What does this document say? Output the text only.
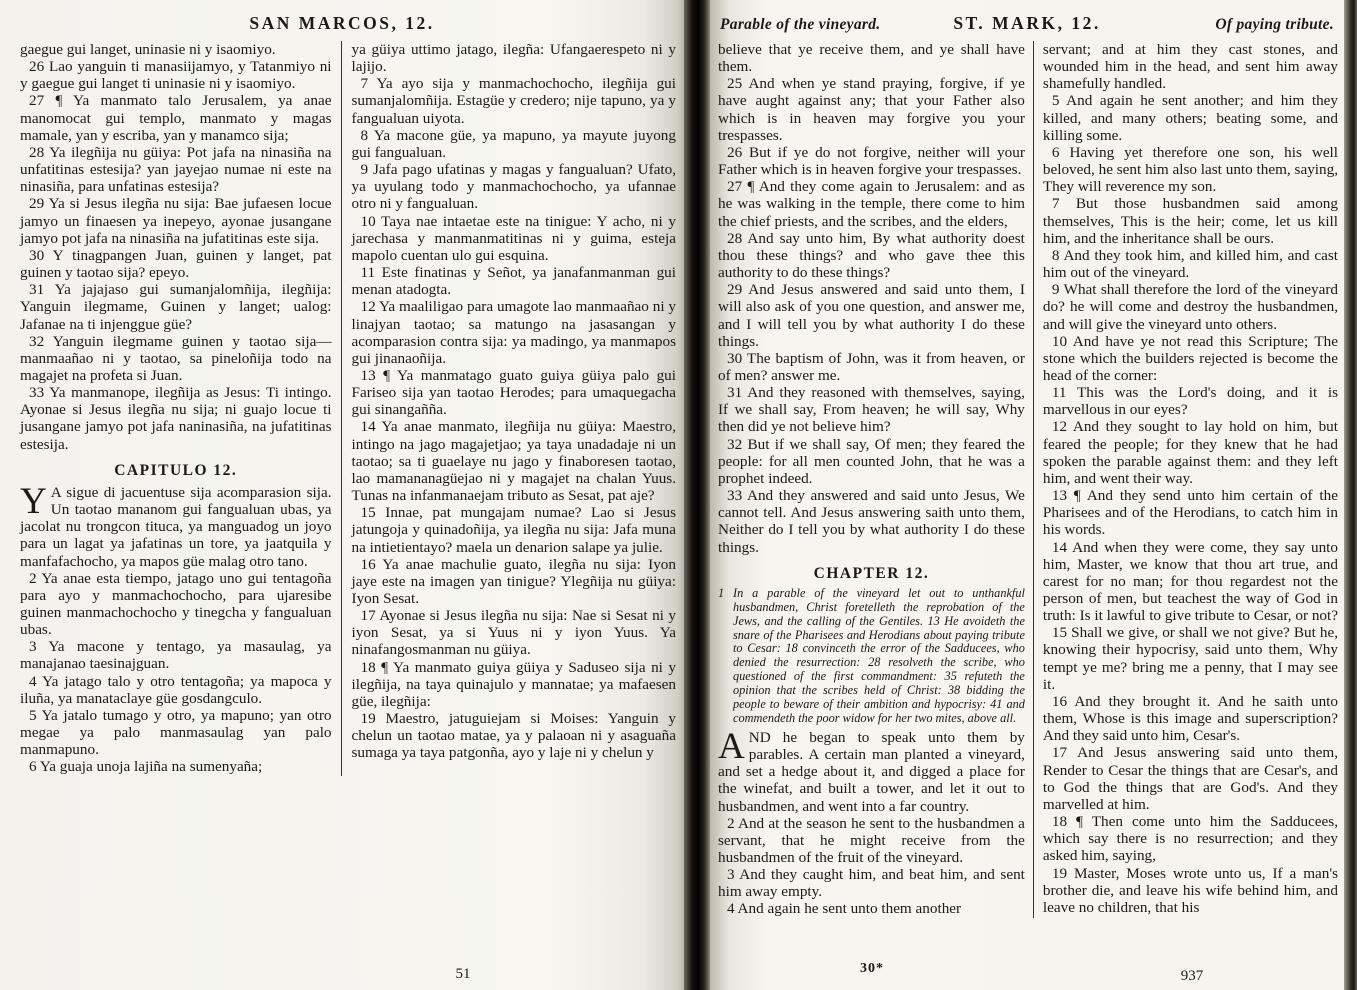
SAN MARCOS, 12.

gaegue gui langet, uninasie ni y isaomiyo.

26 Lao yanguin ti manasiijamyo, y Tatanmiyo ni y gaegue gui langet ti uninasie ni y isaomiyo.

27 ¶ Ya manmato talo Jerusalem, ya anae manomocat gui templo, manmato y magas mamale, yan y escriba, yan y manamco sija;

28 Ya ilegñija nu güiya: Pot jafa na ninasiña na unfatitinas estesija? yan jayejao numae ni este na ninasiña, para unfatinas estesija?

29 Ya si Jesus ilegña nu sija: Bae jufaesen locue jamyo un finaesen ya inepeyo, ayonae jusangane jamyo pot jafa na ninasiña na jufatitinas este sija.

30 Y tinagpangen Juan, guinen y langet, pat guinen y taotao sija? epeyo.

31 Ya jajajaso gui sumanjalomñija, ilegñija: Yanguin ilegmame, Guinen y langet; ualog: Jafanae na ti injenggue güe?

32 Yanguin ilegmame guinen y taotao sija—manmaañao ni y taotao, sa pineloñija todo na magajet na profeta si Juan.

33 Ya manmanope, ilegñija as Jesus: Ti intingo. Ayonae si Jesus ilegña nu sija; ni guajo locue ti jusangane jamyo pot jafa naninasiña, na jufatitinas estesija.

CAPITULO 12.

Y A sigue di jacuentuse sija acomparasion sija. Un taotao mananom gui fangualuan ubas, ya jacolat nu trongcon tituca, ya manguadog un joyo para un lagat ya jafatinas un tore, ya jaatquila y manfafachocho, ya mapos güe malag otro tano.

2 Ya anae esta tiempo, jatago uno gui tentagoña para ayo y manmachochocho, para ujaresibe guinen manmachochocho y tinegcha y fangualuan ubas.

3 Ya macone y tentago, ya masaulag, ya manajanao taesinajguan.

4 Ya jatago talo y otro tentagoña; ya mapoca y iluña, ya manataclaye güe gosdangculo.

5 Ya jatalo tumago y otro, ya mapuno; yan otro megae ya palo manmasaulag yan palo manmapuno.

6 Ya guaja unoja lajiña na sumenyaña;

ya güiya uttimo jatago, ilegña: Ufangaerespeto ni y lajijo.

7 Ya ayo sija y manmachochocho, ilegñija gui sumanjalomñija. Estagüe y credero; nije tapuno, ya y fangualuan uiyota.

8 Ya macone güe, ya mapuno, ya mayute juyong gui fangualuan.

9 Jafa pago ufatinas y magas y fangualuan? Ufato, ya uyulang todo y manmachochocho, ya ufannae otro ni y fangualuan.

10 Taya nae intaetae este na tinigue: Y acho, ni y jarechasa y manmanmatitinas ni y guima, esteja mapolo cuentan ulo gui esquina.

11 Este finatinas y Señot, ya janafanmanman gui menan atadogta.

12 Ya maaliligao para umagote lao manmaañao ni y linajyan taotao; sa matungo na jasasangan y acomparasion contra sija: ya madingo, ya manmapos gui jinanaoñija.

13 ¶ Ya manmatago guato guiya güiya palo gui Fariseo sija yan taotao Herodes; para umaquegacha gui sinangañña.

14 Ya anae manmato, ilegñija nu güiya: Maestro, intingo na jago magajetjao; ya taya unadadaje ni un taotao; sa ti guaelaye nu jago y finaboresen taotao, lao mamananagüejao ni y magajet na chalan Yuus. Tunas na infanmanaejam tributo as Sesat, pat aje?

15 Innae, pat mungajam numae? Lao si Jesus jatungoja y quinadoñija, ya ilegña nu sija: Jafa muna na intietientayo? maela un denarion salape ya julie.

16 Ya anae machulie guato, ilegña nu sija: Iyon jaye este na imagen yan tinigue? Ylegñija nu güiya: Iyon Sesat.

17 Ayonae si Jesus ilegña nu sija: Nae si Sesat ni y iyon Sesat, ya si Yuus ni y iyon Yuus. Ya ninafangosmanman nu güiya.

18 ¶ Ya manmato guiya güiya y Saduseo sija ni y ilegñija, na taya quinajulo y mannatae; ya mafaesen güe, ilegñija:

19 Maestro, jatuguiejam si Moises: Yanguin y chelun un taotao matae, ya y palaoan ni y asaguaña sumaga ya taya patgonña, ayo y laje ni y chelun y

51
Parable of the vineyard.	ST. MARK, 12.	Of paying tribute.

believe that ye receive them, and ye shall have them.

25 And when ye stand praying, forgive, if ye have aught against any; that your Father also which is in heaven may forgive you your trespasses.

26 But if ye do not forgive, neither will your Father which is in heaven forgive your trespasses.

27 ¶ And they come again to Jerusalem: and as he was walking in the temple, there come to him the chief priests, and the scribes, and the elders,

28 And say unto him, By what authority doest thou these things? and who gave thee this authority to do these things?

29 And Jesus answered and said unto them, I will also ask of you one question, and answer me, and I will tell you by what authority I do these things.

30 The baptism of John, was it from heaven, or of men? answer me.

31 And they reasoned with themselves, saying, If we shall say, From heaven; he will say, Why then did ye not believe him?

32 But if we shall say, Of men; they feared the people: for all men counted John, that he was a prophet indeed.

33 And they answered and said unto Jesus, We cannot tell. And Jesus answering saith unto them, Neither do I tell you by what authority I do these things.

CHAPTER 12.

1 In a parable of the vineyard let out to unthankful husbandmen, Christ foretelleth the reprobation of the Jews, and the calling of the Gentiles. 13 He avoideth the snare of the Pharisees and Herodians about paying tribute to Cesar: 18 convinceth the error of the Sadducees, who denied the resurrection: 28 resolveth the scribe, who questioned of the first commandment: 35 refuteth the opinion that the scribes held of Christ: 38 bidding the people to beware of their ambition and hypocrisy: 41 and commendeth the poor widow for her two mites, above all.

AND he began to speak unto them by parables. A certain man planted a vineyard, and set a hedge about it, and digged a place for the winefat, and built a tower, and let it out to husbandmen, and went into a far country.

2 And at the season he sent to the husbandmen a servant, that he might receive from the husbandmen of the fruit of the vineyard.

3 And they caught him, and beat him, and sent him away empty.

4 And again he sent unto them another

servant; and at him they cast stones, and wounded him in the head, and sent him away shamefully handled.

5 And again he sent another; and him they killed, and many others; beating some, and killing some.

6 Having yet therefore one son, his well beloved, he sent him also last unto them, saying, They will reverence my son.

7 But those husbandmen said among themselves, This is the heir; come, let us kill him, and the inheritance shall be ours.

8 And they took him, and killed him, and cast him out of the vineyard.

9 What shall therefore the lord of the vineyard do? he will come and destroy the husbandmen, and will give the vineyard unto others.

10 And have ye not read this Scripture; The stone which the builders rejected is become the head of the corner:

11 This was the Lord's doing, and it is marvellous in our eyes?

12 And they sought to lay hold on him, but feared the people; for they knew that he had spoken the parable against them: and they left him, and went their way.

13 ¶ And they send unto him certain of the Pharisees and of the Herodians, to catch him in his words.

14 And when they were come, they say unto him, Master, we know that thou art true, and carest for no man; for thou regardest not the person of men, but teachest the way of God in truth: Is it lawful to give tribute to Cesar, or not?

15 Shall we give, or shall we not give? But he, knowing their hypocrisy, said unto them, Why tempt ye me? bring me a penny, that I may see it.

16 And they brought it. And he saith unto them, Whose is this image and superscription? And they said unto him, Cesar's.

17 And Jesus answering said unto them, Render to Cesar the things that are Cesar's, and to God the things that are God's. And they marvelled at him.

18 ¶ Then come unto him the Sadducees, which say there is no resurrection; and they asked him, saying,

19 Master, Moses wrote unto us, If a man's brother die, and leave his wife behind him, and leave no children, that his

30*	937
